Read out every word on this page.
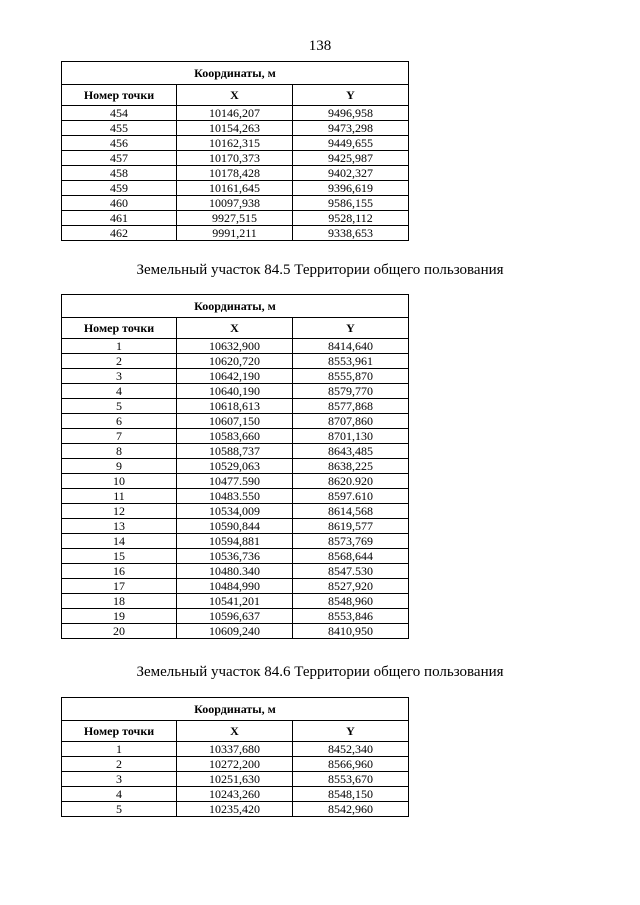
138
Координаты, м		
Номер точки	X	Y
454	10146,207	9496,958
455	10154,263	9473,298
456	10162,315	9449,655
457	10170,373	9425,987
458	10178,428	9402,327
459	10161,645	9396,619
460	10097,938	9586,155
461	9927,515	9528,112
462	9991,211	9338,653
Земельный участок 84.5 Территории общего пользования
Координаты, м		
Номер точки	X	Y
1	10632,900	8414,640
2	10620,720	8553,961
3	10642,190	8555,870
4	10640,190	8579,770
5	10618,613	8577,868
6	10607,150	8707,860
7	10583,660	8701,130
8	10588,737	8643,485
9	10529,063	8638,225
10	10477.590	8620.920
11	10483.550	8597.610
12	10534,009	8614,568
13	10590,844	8619,577
14	10594,881	8573,769
15	10536,736	8568,644
16	10480.340	8547.530
17	10484,990	8527,920
18	10541,201	8548,960
19	10596,637	8553,846
20	10609,240	8410,950
Земельный участок 84.6 Территории общего пользования
Координаты, м		
Номер точки	X	Y
1	10337,680	8452,340
2	10272,200	8566,960
3	10251,630	8553,670
4	10243,260	8548,150
5	10235,420	8542,960
